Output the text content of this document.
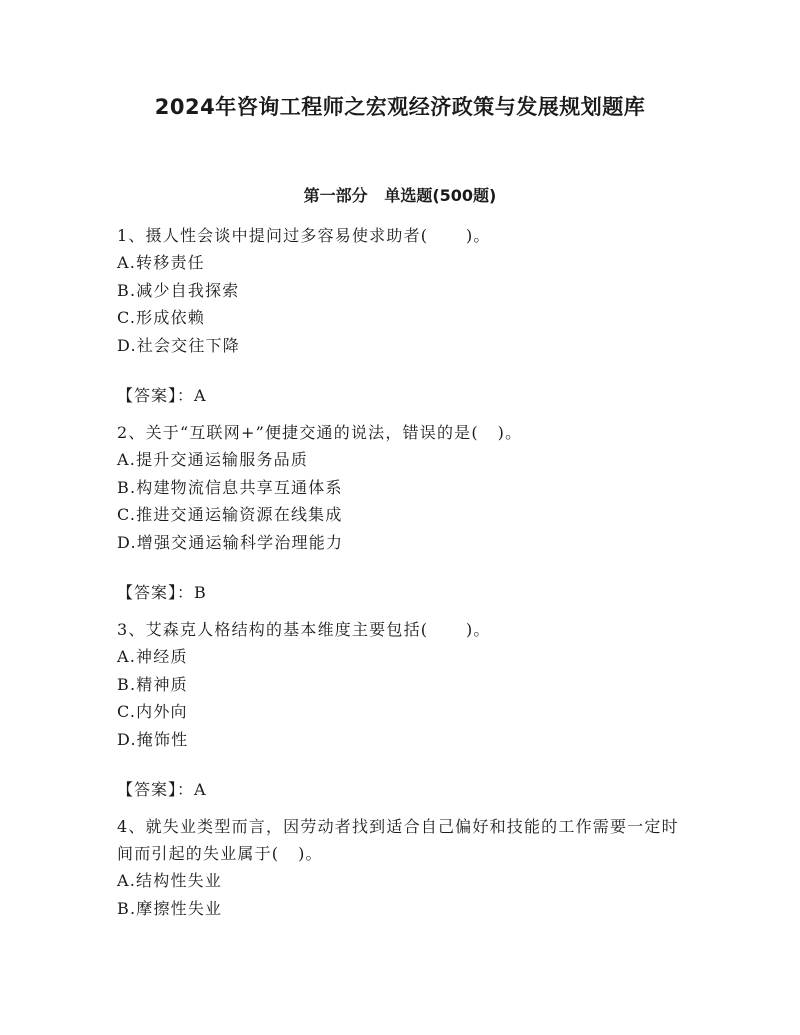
2024年咨询工程师之宏观经济政策与发展规划题库
第一部分   单选题(500题)
1、摄人性会谈中提问过多容易使求助者(      )。
A.转移责任
B.减少自我探索
C.形成依赖
D.社会交往下降
【答案】：A
2、关于“互联网+”便捷交通的说法，错误的是(   )。
A.提升交通运输服务品质
B.构建物流信息共享互通体系
C.推进交通运输资源在线集成
D.增强交通运输科学治理能力
【答案】：B
3、艾森克人格结构的基本维度主要包括(      )。
A.神经质
B.精神质
C.内外向
D.掩饰性
【答案】：A
4、就失业类型而言，因劳动者找到适合自己偏好和技能的工作需要一定时间而引起的失业属于(   )。
A.结构性失业
B.摩擦性失业
